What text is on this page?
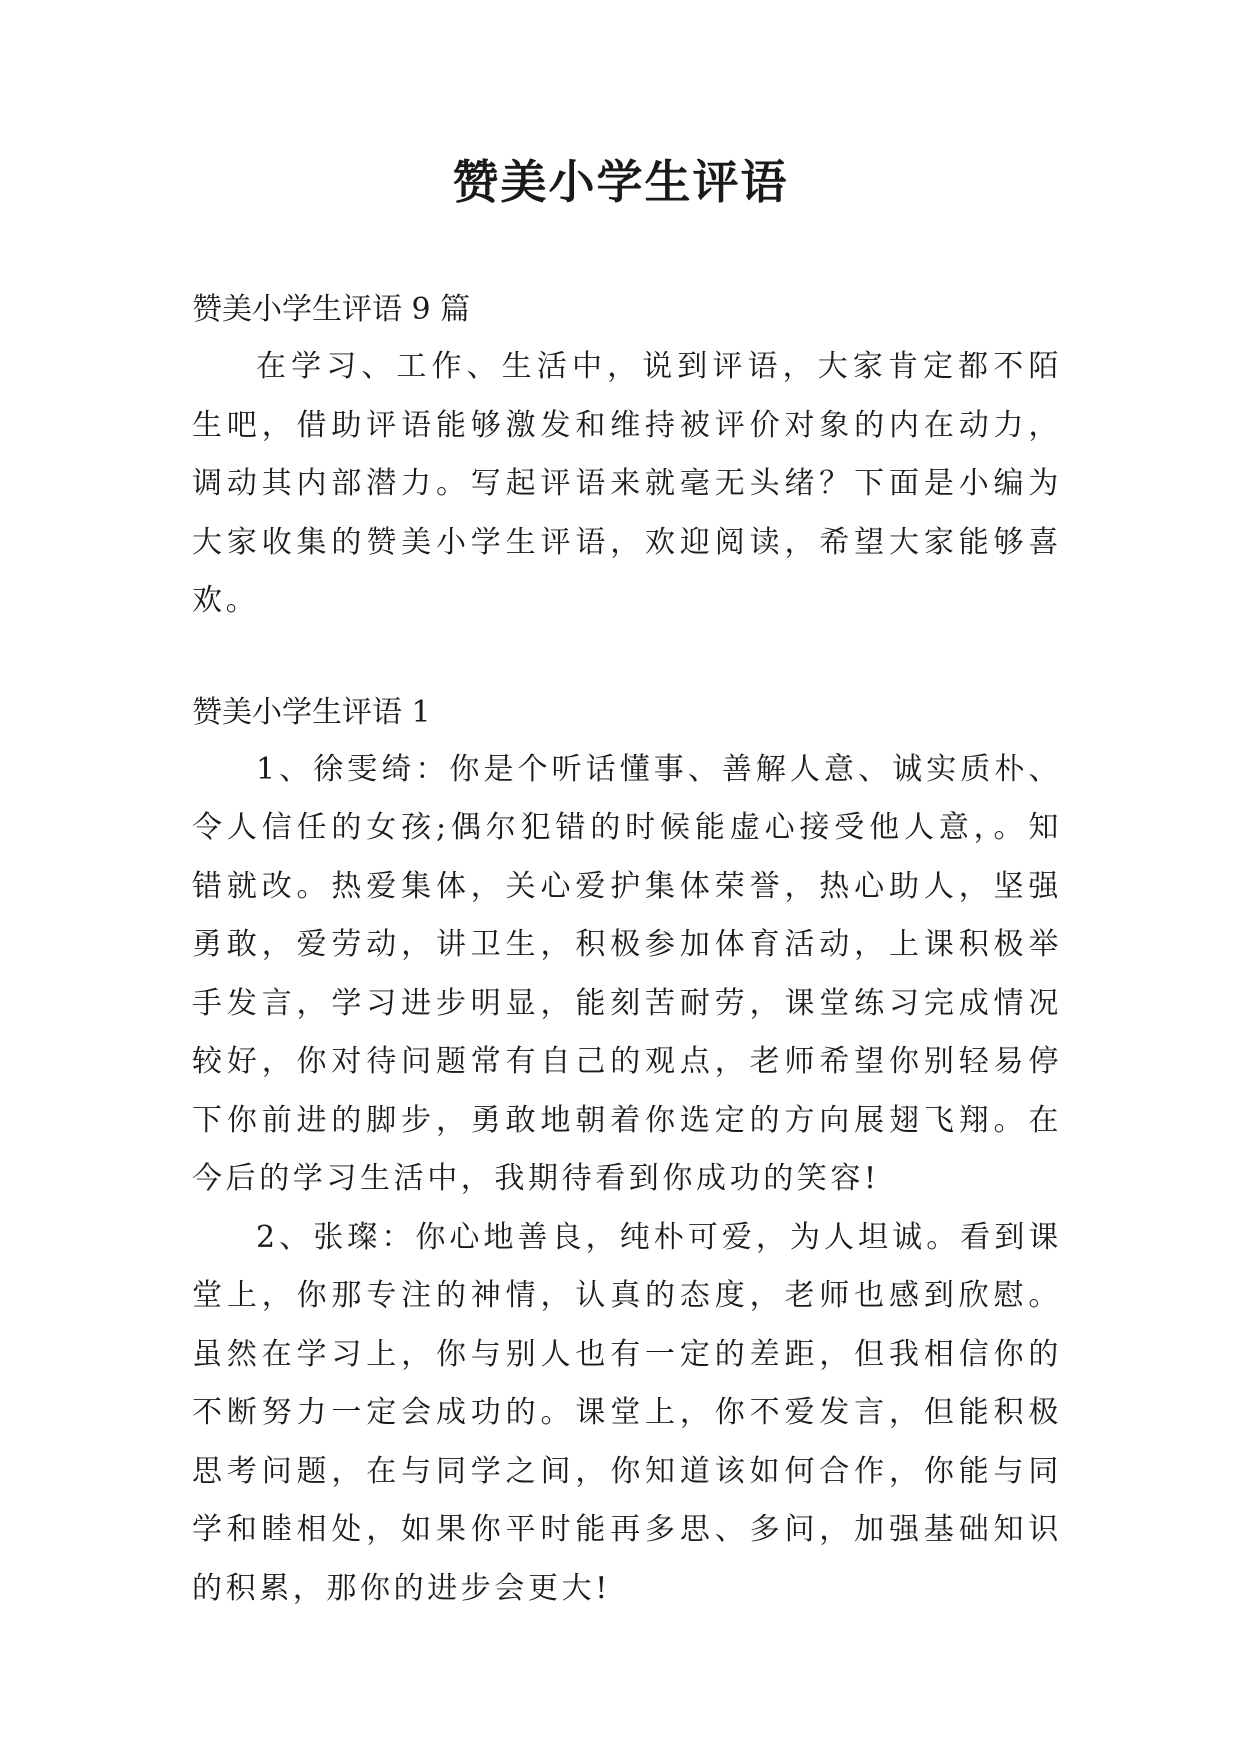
赞美小学生评语

赞美小学生评语 9 篇

在学习、工作、生活中，说到评语，大家肯定都不陌生吧，借助评语能够激发和维持被评价对象的内在动力，调动其内部潜力。写起评语来就毫无头绪？下面是小编为大家收集的赞美小学生评语，欢迎阅读，希望大家能够喜欢。

赞美小学生评语 1

1、徐雯绮：你是个听话懂事、善解人意、诚实质朴、令人信任的女孩;偶尔犯错的时候能虚心接受他人意，。知错就改。热爱集体，关心爱护集体荣誉，热心助人，坚强勇敢，爱劳动，讲卫生，积极参加体育活动，上课积极举手发言，学习进步明显，能刻苦耐劳，课堂练习完成情况较好，你对待问题常有自己的观点，老师希望你别轻易停下你前进的脚步，勇敢地朝着你选定的方向展翅飞翔。在今后的学习生活中，我期待看到你成功的笑容!

2、张璨：你心地善良，纯朴可爱，为人坦诚。看到课堂上，你那专注的神情，认真的态度，老师也感到欣慰。虽然在学习上，你与别人也有一定的差距，但我相信你的不断努力一定会成功的。课堂上，你不爱发言，但能积极思考问题，在与同学之间，你知道该如何合作，你能与同学和睦相处，如果你平时能再多思、多问，加强基础知识的积累，那你的进步会更大!
